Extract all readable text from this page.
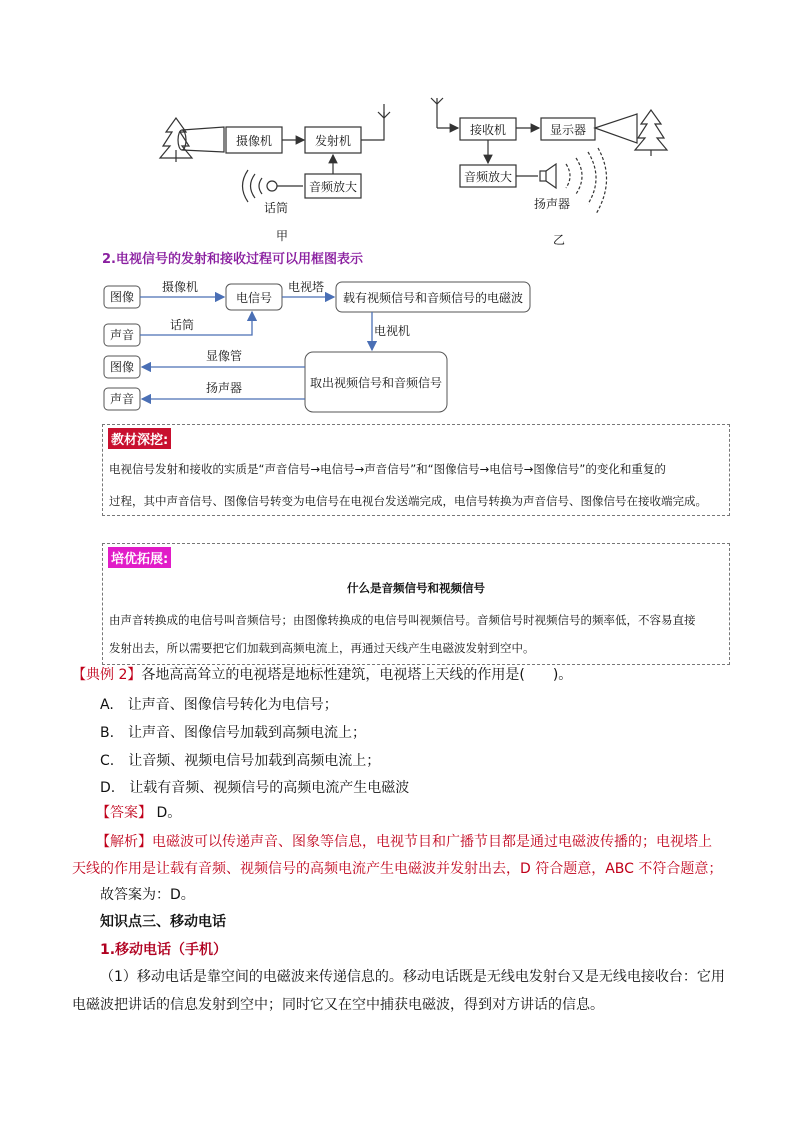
摄像机	发射机
音频放大
话筒
甲
接收机	显示器
音频放大
扬声器
乙
2.电视信号的发射和接收过程可以用框图表示
图像
声音
电信号	载有视频信号和音频信号的电磁波
取出视频信号和音频信号
图像
声音
摄像机
话筒
电视塔
电视机
显像管
扬声器
教材深挖:
电视信号发射和接收的实质是“声音信号→电信号→声音信号”和“图像信号→电信号→图像信号”的变化和重复的
过程，其中声音信号、图像信号转变为电信号在电视台发送端完成，电信号转换为声音信号、图像信号在接收端完成。
培优拓展:
什么是音频信号和视频信号
由声音转换成的电信号叫音频信号；由图像转换成的电信号叫视频信号。音频信号时视频信号的频率低，不容易直接
发射出去，所以需要把它们加载到高频电流上，再通过天线产生电磁波发射到空中。
【典例 2】各地高高耸立的电视塔是地标性建筑，电视塔上天线的作用是(　　)。
A.　让声音、图像信号转化为电信号；
B.　让声音、图像信号加载到高频电流上；
C.　让音频、视频电信号加载到高频电流上；
D.　让载有音频、视频信号的高频电流产生电磁波
【答案】 D。
【解析】电磁波可以传递声音、图象等信息，电视节目和广播节目都是通过电磁波传播的；电视塔上
天线的作用是让载有音频、视频信号的高频电流产生电磁波并发射出去，D 符合题意，ABC 不符合题意；
故答案为：D。
知识点三、移动电话
1.移动电话（手机）
（1）移动电话是靠空间的电磁波来传递信息的。移动电话既是无线电发射台又是无线电接收台：它用
电磁波把讲话的信息发射到空中；同时它又在空中捕获电磁波，得到对方讲话的信息。
